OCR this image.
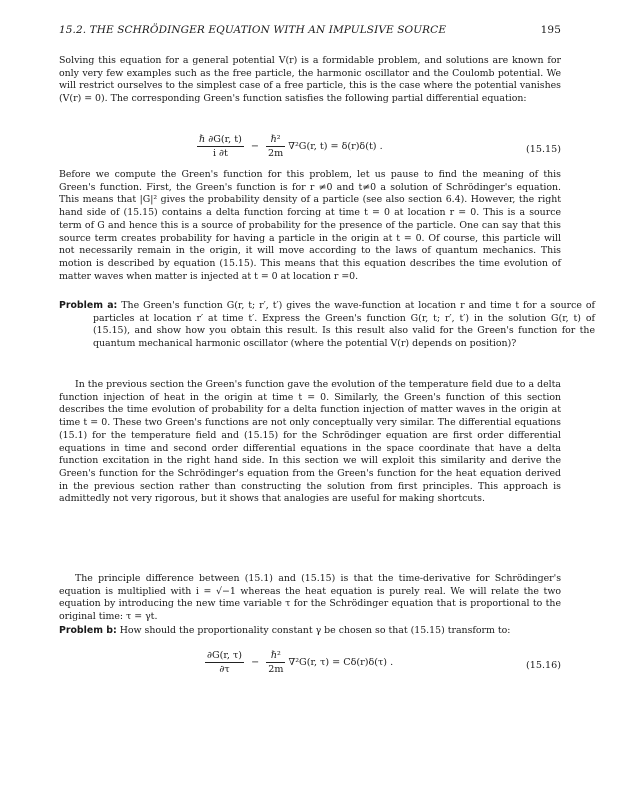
15.2. THE SCHRÖDINGER EQUATION WITH AN IMPULSIVE SOURCE	195
Solving this equation for a general potential V(r) is a formidable problem, and solutions are known for only very few examples such as the free particle, the harmonic oscillator and the Coulomb potential. We will restrict ourselves to the simplest case of a free particle, this is the case where the potential vanishes (V(r) = 0). The corresponding Green's function satisfies the following partial differential equation:
$\frac{\text{ℏ ∂G(r, t)}}{i \partial t} - \frac{\text{ℏ²}}{2m} \nabla^2G(r$, t) = δ(r)δ(t) .	(15.15)
Before we compute the Green's function for this problem, let us pause to find the meaning of this Green's function. First, the Green's function is for r ≠0 and t≠0 a solution of Schrödinger's equation. This means that |G|² gives the probability density of a particle (see also section 6.4). However, the right hand side of (15.15) contains a delta function forcing at time t = 0 at location r = 0. This is a source term of G and hence this is a source of probability for the presence of the particle. One can say that this source term creates probability for having a particle in the origin at t = 0. Of course, this particle will not necessarily remain in the origin, it will move according to the laws of quantum mechanics. This motion is described by equation (15.15). This means that this equation describes the time evolution of matter waves when matter is injected at t = 0 at location r =0.
Problem a: The Green's function G(r, t; r′, t′) gives the wave-function at location r and time t for a source of particles at location r′ at time t′. Express the Green's function G(r, t; r′, t′) in the solution G(r, t) of (15.15), and show how you obtain this result. Is this result also valid for the Green's function for the quantum mechanical harmonic oscillator (where the potential V(r) depends on position)?
In the previous section the Green's function gave the evolution of the temperature field due to a delta function injection of heat in the origin at time t = 0. Similarly, the Green's function of this section describes the time evolution of probability for a delta function injection of matter waves in the origin at time t = 0. These two Green's functions are not only conceptually very similar. The differential equations (15.1) for the temperature field and (15.15) for the Schrödinger equation are first order differential equations in time and second order differential equations in the space coordinate that have a delta function excitation in the right hand side. In this section we will exploit this similarity and derive the Green's function for the Schrödinger's equation from the Green's function for the heat equation derived in the previous section rather than constructing the solution from first principles. This approach is admittedly not very rigorous, but it shows that analogies are useful for making shortcuts.
The principle difference between (15.1) and (15.15) is that the time-derivative for Schrödinger's equation is multiplied with i = √−1 whereas the heat equation is purely real. We will relate the two equation by introducing the new time variable τ for the Schrödinger equation that is proportional to the original time: τ = γt.
Problem b: How should the proportionality constant γ be chosen so that (15.15) transform to:
$\frac{\partial G(r, \tau)}{\partial\tau} - \frac{\text{ℏ²}}{2m} \nabla^2G(r$, τ) = Cδ(r)δ(τ) .	(15.16)
